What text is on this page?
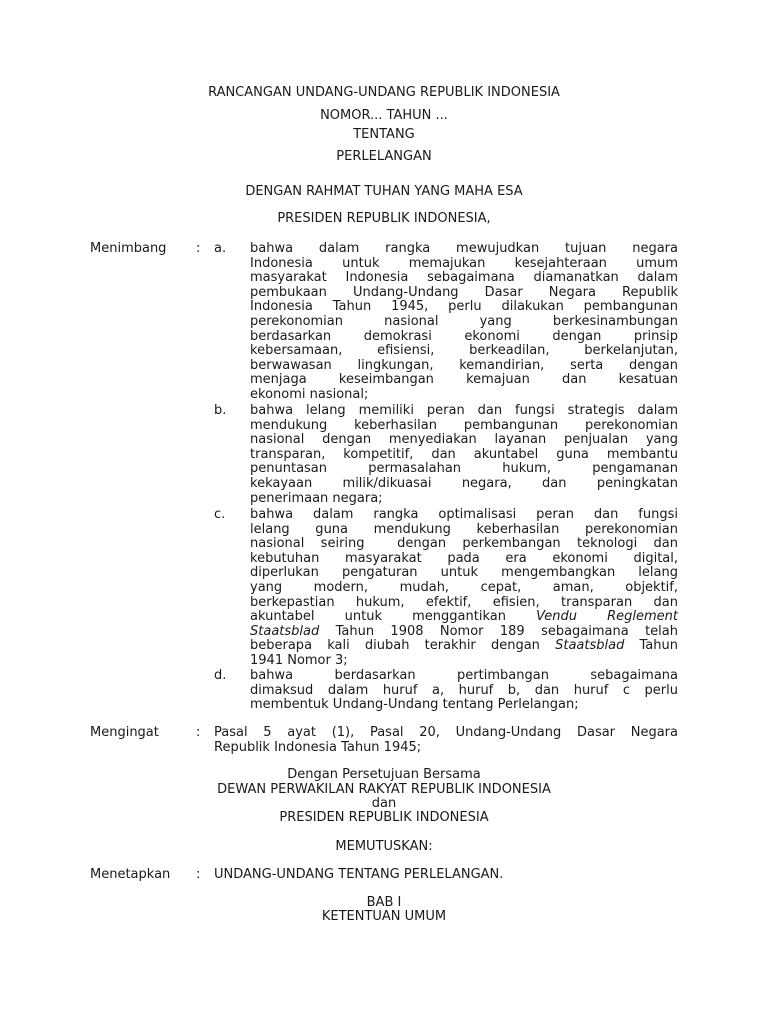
RANCANGAN UNDANG-UNDANG REPUBLIK INDONESIA
NOMOR... TAHUN ...
TENTANG
PERLELANGAN
DENGAN RAHMAT TUHAN YANG MAHA ESA
PRESIDEN REPUBLIK INDONESIA,
Menimbang : a. bahwa dalam rangka mewujudkan tujuan negara
Indonesia untuk memajukan kesejahteraan umum
masyarakat Indonesia sebagaimana diamanatkan dalam
pembukaan Undang-Undang Dasar Negara Republik
Indonesia Tahun 1945, perlu dilakukan pembangunan
perekonomian nasional yang berkesinambungan
berdasarkan demokrasi ekonomi dengan prinsip
kebersamaan, efisiensi, berkeadilan, berkelanjutan,
berwawasan lingkungan, kemandirian, serta dengan
menjaga keseimbangan kemajuan dan kesatuan
ekonomi nasional;
b. bahwa lelang memiliki peran dan fungsi strategis dalam
mendukung keberhasilan pembangunan perekonomian
nasional dengan menyediakan layanan penjualan yang
transparan, kompetitif, dan akuntabel guna membantu
penuntasan permasalahan hukum, pengamanan
kekayaan milik/dikuasai negara, dan peningkatan
penerimaan negara;
c. bahwa dalam rangka optimalisasi peran dan fungsi
lelang guna mendukung keberhasilan perekonomian
nasional seiring  dengan perkembangan teknologi dan
kebutuhan masyarakat pada era ekonomi digital,
diperlukan pengaturan untuk mengembangkan lelang
yang modern, mudah, cepat, aman, objektif,
berkepastian hukum, efektif, efisien, transparan dan
akuntabel untuk menggantikan Vendu Reglement
Staatsblad Tahun 1908 Nomor 189 sebagaimana telah
beberapa kali diubah terakhir dengan Staatsblad Tahun
1941 Nomor 3;
d. bahwa berdasarkan pertimbangan sebagaimana
dimaksud dalam huruf a, huruf b, dan huruf c perlu
membentuk Undang-Undang tentang Perlelangan;
Mengingat	: Pasal 5 ayat (1), Pasal 20, Undang-Undang Dasar Negara
Republik Indonesia Tahun 1945;
Dengan Persetujuan Bersama
DEWAN PERWAKILAN RAKYAT REPUBLIK INDONESIA
dan
PRESIDEN REPUBLIK INDONESIA
MEMUTUSKAN:
Menetapkan : UNDANG-UNDANG TENTANG PERLELANGAN.
BAB I
KETENTUAN UMUM
